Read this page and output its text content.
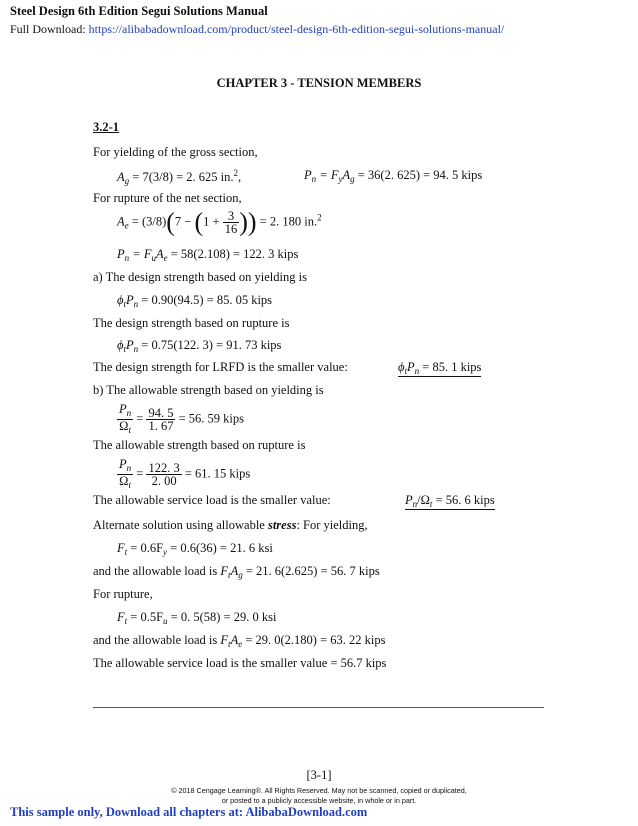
Steel Design 6th Edition Segui Solutions Manual
Full Download: https://alibabadownload.com/product/steel-design-6th-edition-segui-solutions-manual/
CHAPTER 3 - TENSION MEMBERS
3.2-1
For yielding of the gross section,
$A_g = 7(3/8) = 2$. 625 in.$^2$,	$P_n = F_yA_g = 36(2$. 625) = 94. 5 kips
For rupture of the net section,
$A_e = (3/8)(7 - (1 + \frac{3}{16}$ )) = 2. 180 in.$^2$
$P_n = F_uA_e = 58(2.108) = 122$. 3 kips
a) The design strength based on yielding is
$\phi_tP_n = 0.90(94.5) = 85$. 05 kips
The design strength based on rupture is
$\phi_tP_n = 0.75(122$. 3) = 91. 73 kips
The design strength for LRFD is the smaller value:	$\phi_tP_n = 85$. 1 kips
b) The allowable strength based on yielding is
$\frac{P_n}{\Omega_t} = \frac{94. 5}{1. 67} = 56$. 59 kips
The allowable strength based on rupture is
$\frac{P_n}{\Omega_t} = \frac{122. 3}{2. 00} = 61$. 15 kips
The allowable service load is the smaller value:	$P_n/\Omega_t = 56$. 6 kips
Alternate solution using allowable stress: For yielding,
$F_t = 0.6F_y = 0.6(36) = 21$. 6 ksi
and the allowable load is $F_tA_g = 21$. 6(2.625) = 56. 7 kips
For rupture,
$F_t = 0.5F_u = 0$. 5(58) = 29. 0 ksi
and the allowable load is $F_tA_e = 29$. 0(2.180) = 63. 22 kips
The allowable service load is the smaller value = 56.7 kips
[3-1]
© 2018 Cengage Learning®. All Rights Reserved. May not be scanned, copied or duplicated,
or posted to a publicly accessible website, in whole or in part.
This sample only, Download all chapters at: AlibabaDownload.com
